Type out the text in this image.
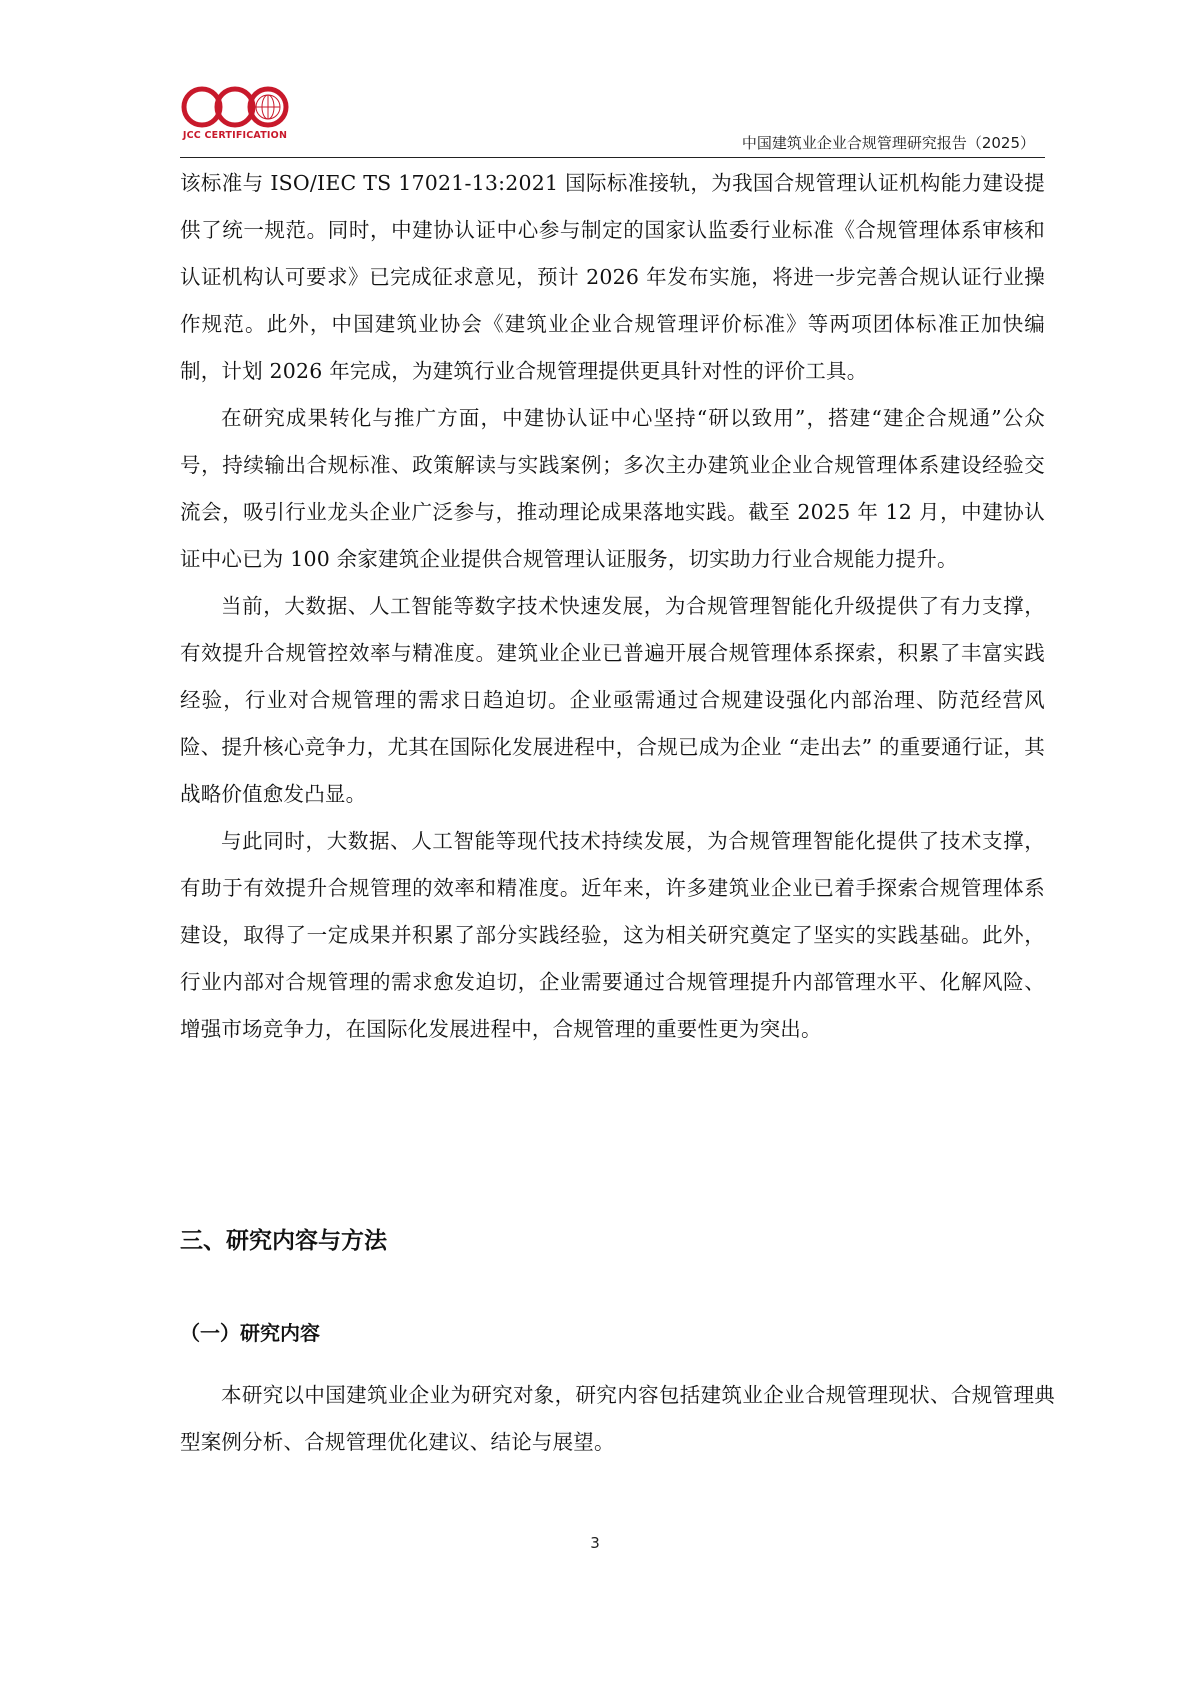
JCC CERTIFICATION	中国建筑业企业合规管理研究报告（2025）

该标准与 ISO/IEC TS 17021-13:2021 国际标准接轨，为我国合规管理认证机构能力建设提供了统一规范。同时，中建协认证中心参与制定的国家认监委行业标准《合规管理体系审核和认证机构认可要求》已完成征求意见，预计 2026 年发布实施，将进一步完善合规认证行业操作规范。此外，中国建筑业协会《建筑业企业合规管理评价标准》等两项团体标准正加快编制，计划 2026 年完成，为建筑行业合规管理提供更具针对性的评价工具。

在研究成果转化与推广方面，中建协认证中心坚持“研以致用”，搭建“建企合规通”公众号，持续输出合规标准、政策解读与实践案例；多次主办建筑业企业合规管理体系建设经验交流会，吸引行业龙头企业广泛参与，推动理论成果落地实践。截至 2025 年 12 月，中建协认证中心已为 100 余家建筑企业提供合规管理认证服务，切实助力行业合规能力提升。

当前，大数据、人工智能等数字技术快速发展，为合规管理智能化升级提供了有力支撑，有效提升合规管控效率与精准度。建筑业企业已普遍开展合规管理体系探索，积累了丰富实践经验，行业对合规管理的需求日趋迫切。企业亟需通过合规建设强化内部治理、防范经营风险、提升核心竞争力，尤其在国际化发展进程中，合规已成为企业 “走出去” 的重要通行证，其战略价值愈发凸显。

与此同时，大数据、人工智能等现代技术持续发展，为合规管理智能化提供了技术支撑，有助于有效提升合规管理的效率和精准度。近年来，许多建筑业企业已着手探索合规管理体系建设，取得了一定成果并积累了部分实践经验，这为相关研究奠定了坚实的实践基础。此外，行业内部对合规管理的需求愈发迫切，企业需要通过合规管理提升内部管理水平、化解风险、增强市场竞争力，在国际化发展进程中，合规管理的重要性更为突出。

三、研究内容与方法
（一）研究内容

本研究以中国建筑业企业为研究对象，研究内容包括建筑业企业合规管理现状、合规管理典型案例分析、合规管理优化建议、结论与展望。

3
